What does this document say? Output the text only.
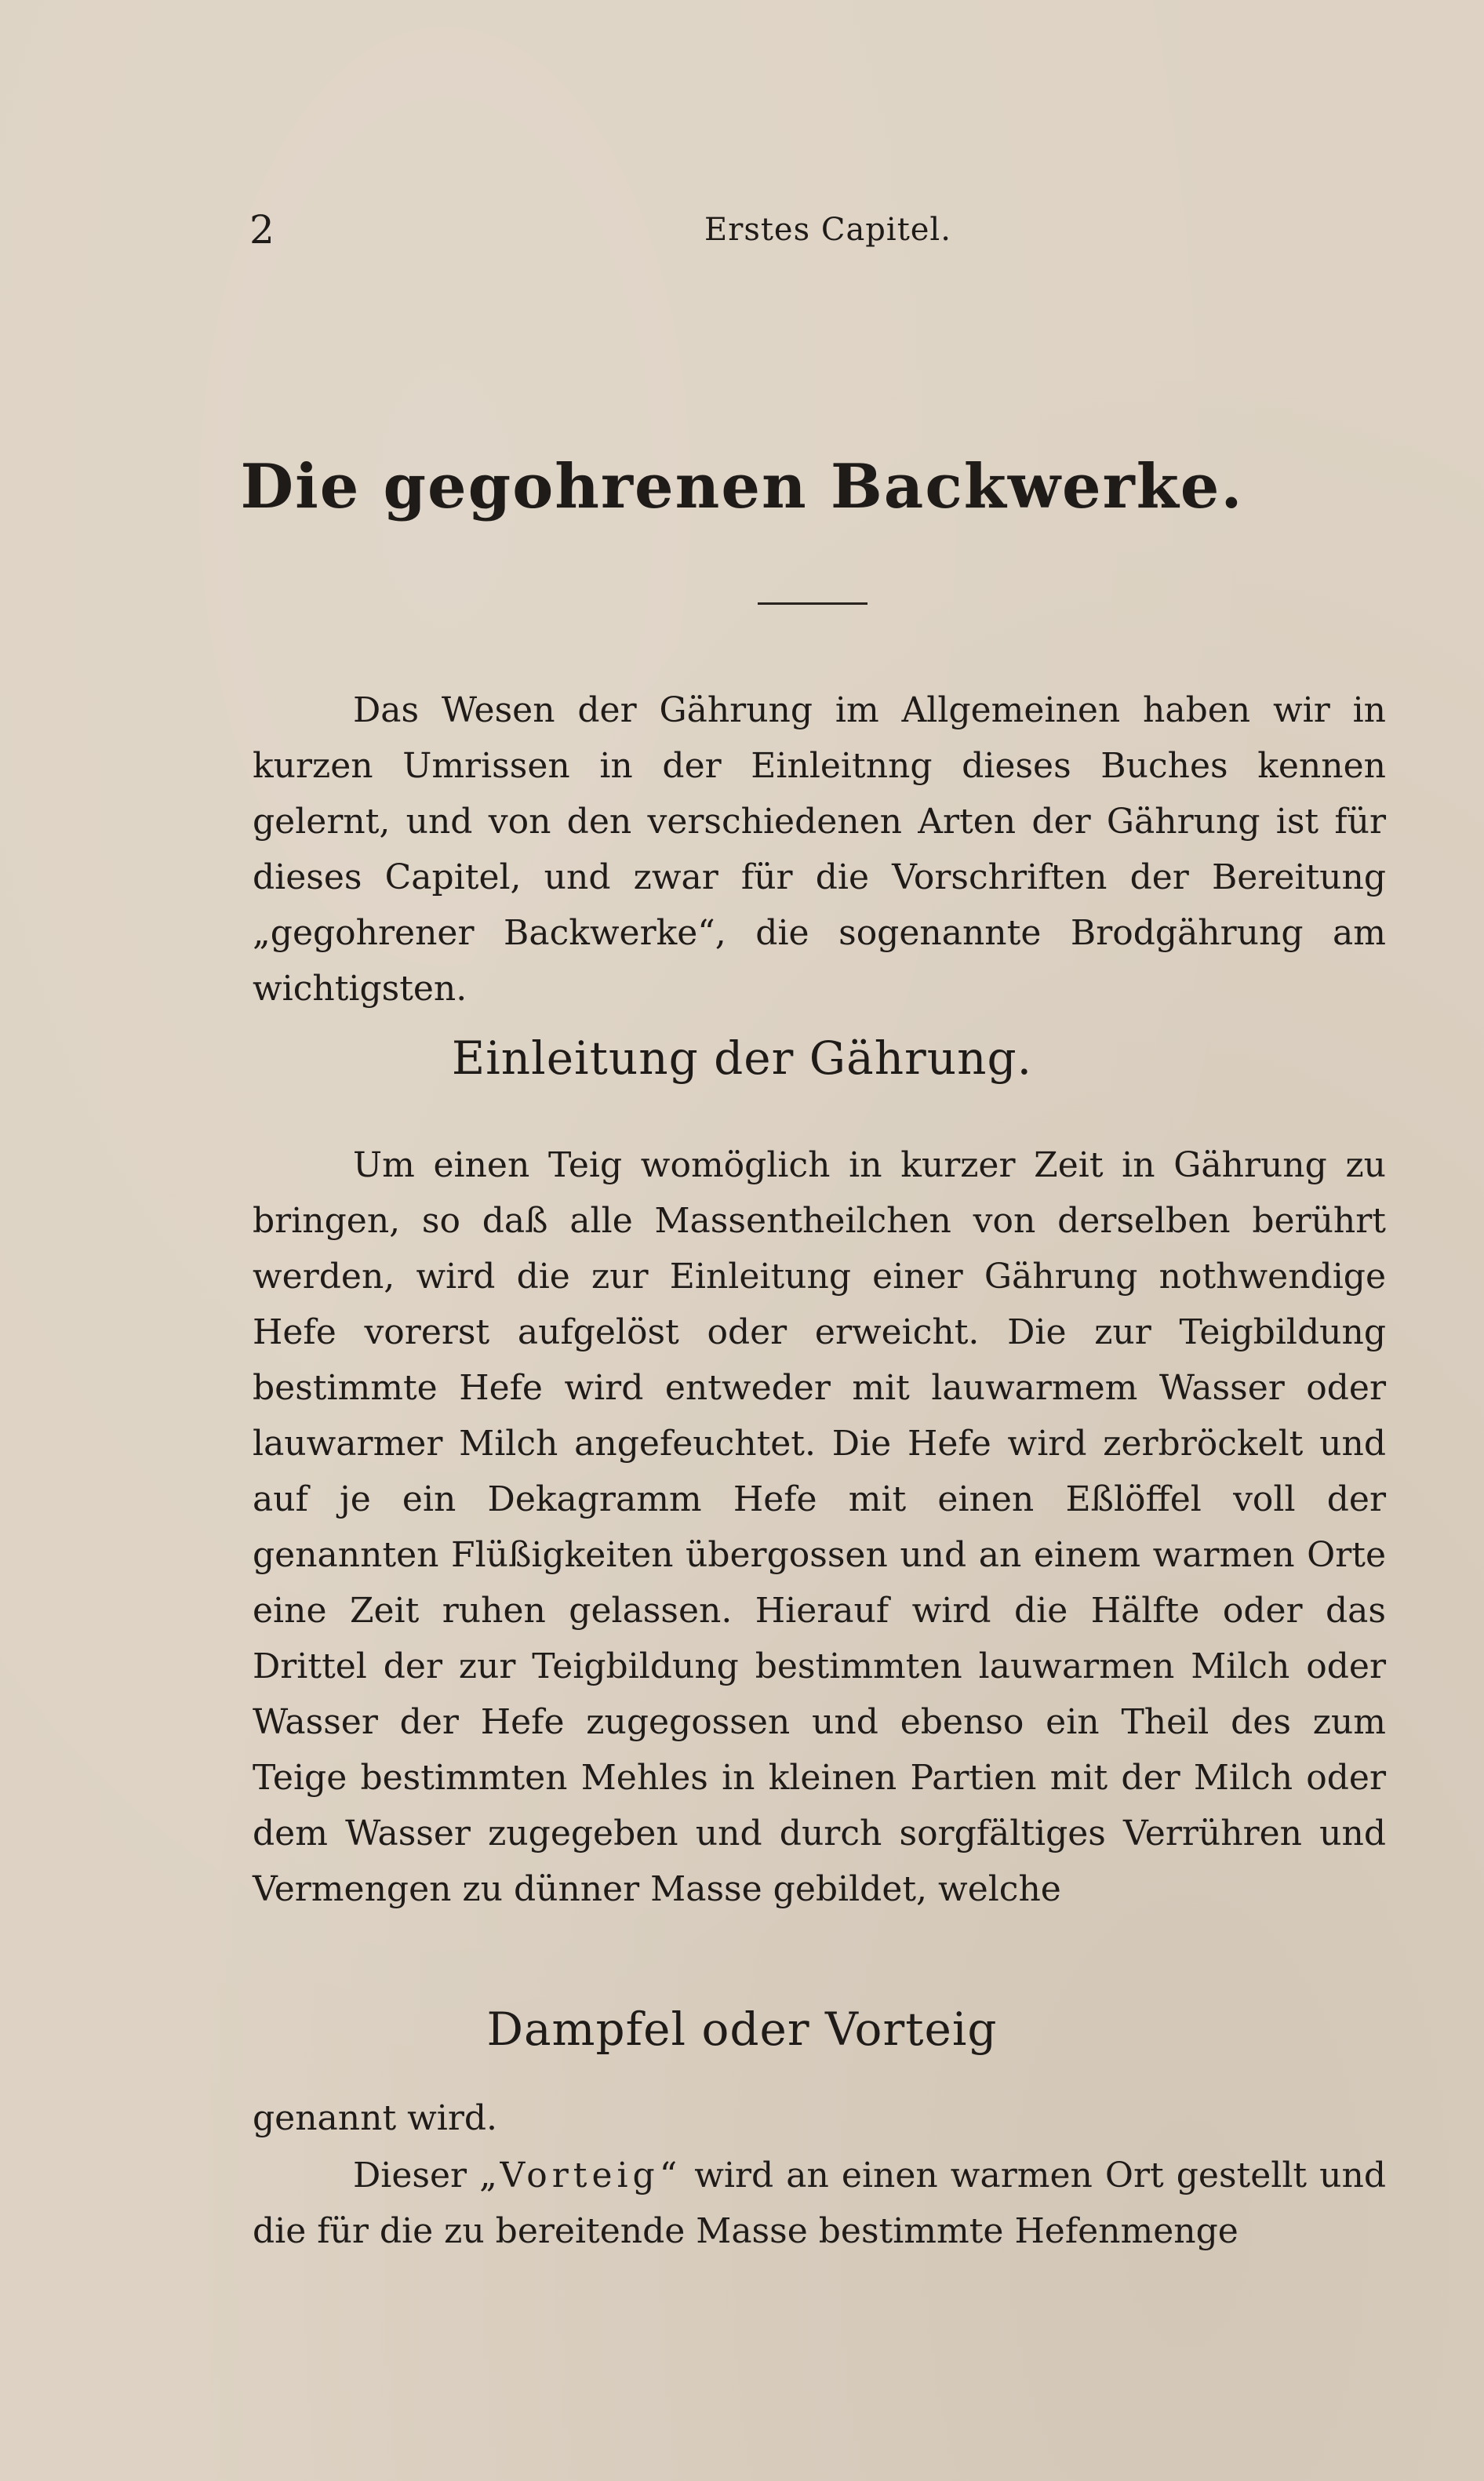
2	Erstes Capitel.
Die gegohrenen Backwerke.

Das Wesen der Gährung im Allgemeinen haben wir in kurzen Umrissen in der Einleitnng dieses Buches kennen gelernt, und von den verschiedenen Arten der Gährung ist für dieses Capitel, und zwar für die Vorschriften der Bereitung „gegohrener Backwerke“, die sogenannte Brodgährung am wichtigsten.

Einleitung der Gährung.

Um einen Teig womöglich in kurzer Zeit in Gährung zu bringen, so daß alle Massentheilchen von derselben berührt werden, wird die zur Einleitung einer Gährung nothwendige Hefe vorerst aufgelöst oder erweicht. Die zur Teigbildung bestimmte Hefe wird entweder mit lauwarmem Wasser oder lauwarmer Milch angefeuchtet. Die Hefe wird zerbröckelt und auf je ein Dekagramm Hefe mit einen Eßlöffel voll der genannten Flüßigkeiten übergossen und an einem warmen Orte eine Zeit ruhen gelassen. Hierauf wird die Hälfte oder das Drittel der zur Teigbildung bestimmten lauwarmen Milch oder Wasser der Hefe zugegossen und ebenso ein Theil des zum Teige bestimmten Mehles in kleinen Partien mit der Milch oder dem Wasser zugegeben und durch sorgfältiges Verrühren und Vermengen zu dünner Masse gebildet, welche

Dampfel oder Vorteig
genannt wird.

Dieser „Vorteig“ wird an einen warmen Ort gestellt und die für die zu bereitende Masse bestimmte Hefenmenge
